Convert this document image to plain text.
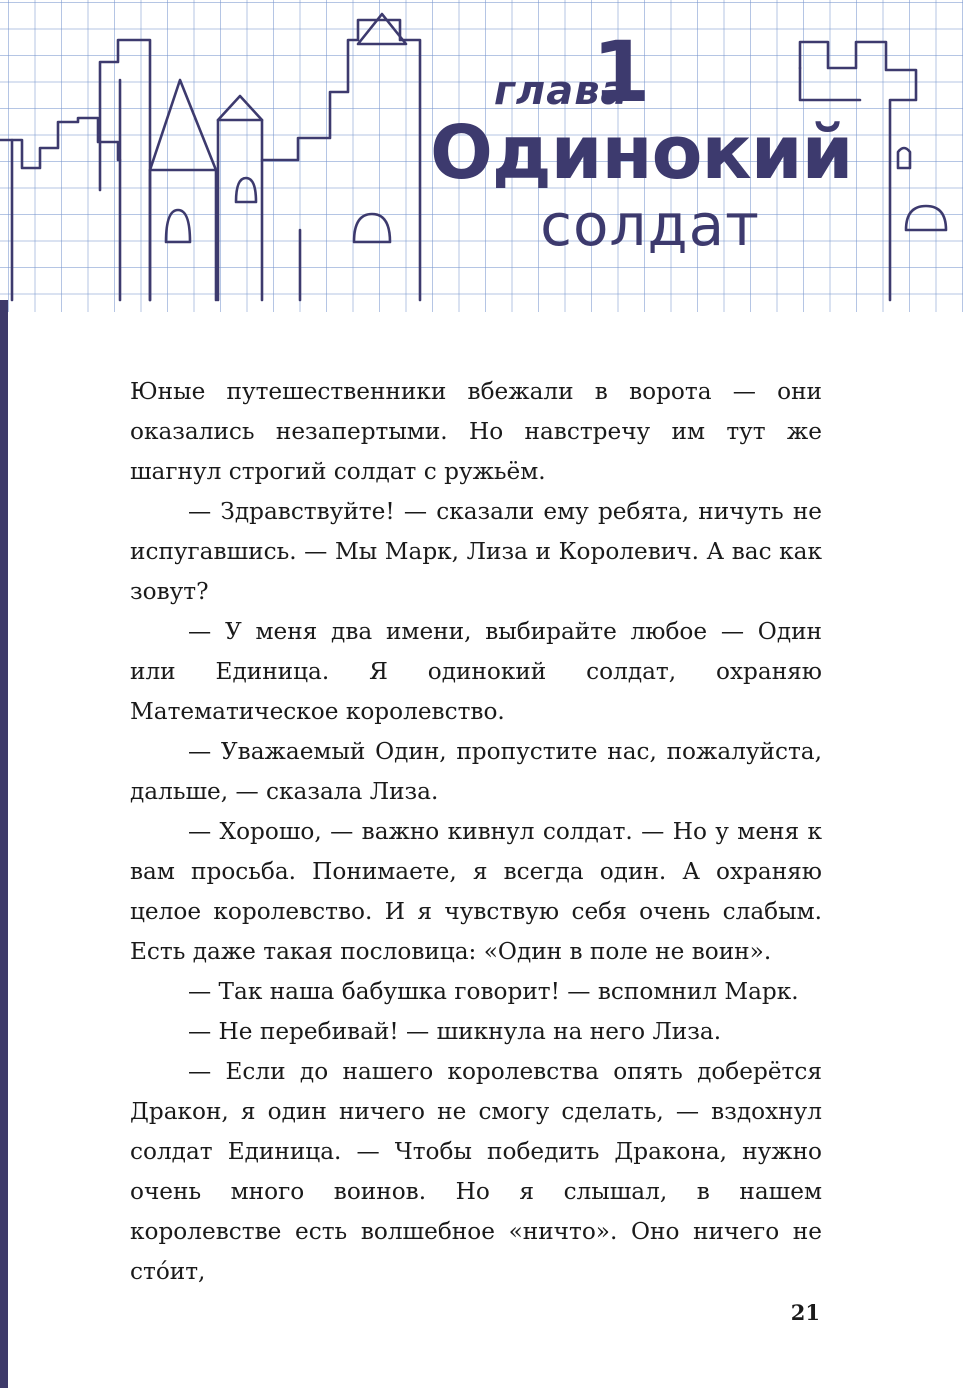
глава
1
Одинокий
солдат

Юные путешественники вбежали в ворота — они оказались незапертыми. Но навстречу им тут же шагнул строгий солдат с ружьём.

— Здравствуйте! — сказали ему ребята, ничуть не испугавшись. — Мы Марк, Лиза и Королевич. А вас как зовут?

— У меня два имени, выбирайте любое — Один или Единица. Я одинокий солдат, охраняю Математическое королевство.

— Уважаемый Один, пропустите нас, пожалуйста, дальше, — сказала Лиза.

— Хорошо, — важно кивнул солдат. — Но у меня к вам просьба. Понимаете, я всегда один. А охраняю целое королевство. И я чувствую себя очень слабым. Есть даже такая пословица: «Один в поле не воин».

— Так наша бабушка говорит! — вспомнил Марк.

— Не перебивай! — шикнула на него Лиза.

— Если до нашего королевства опять доберётся Дракон, я один ничего не смогу сделать, — вздохнул солдат Единица. — Чтобы победить Дракона, нужно очень много воинов. Но я слышал, в нашем королевстве есть волшебное «ничто». Оно ничего не сто́ит,

21
